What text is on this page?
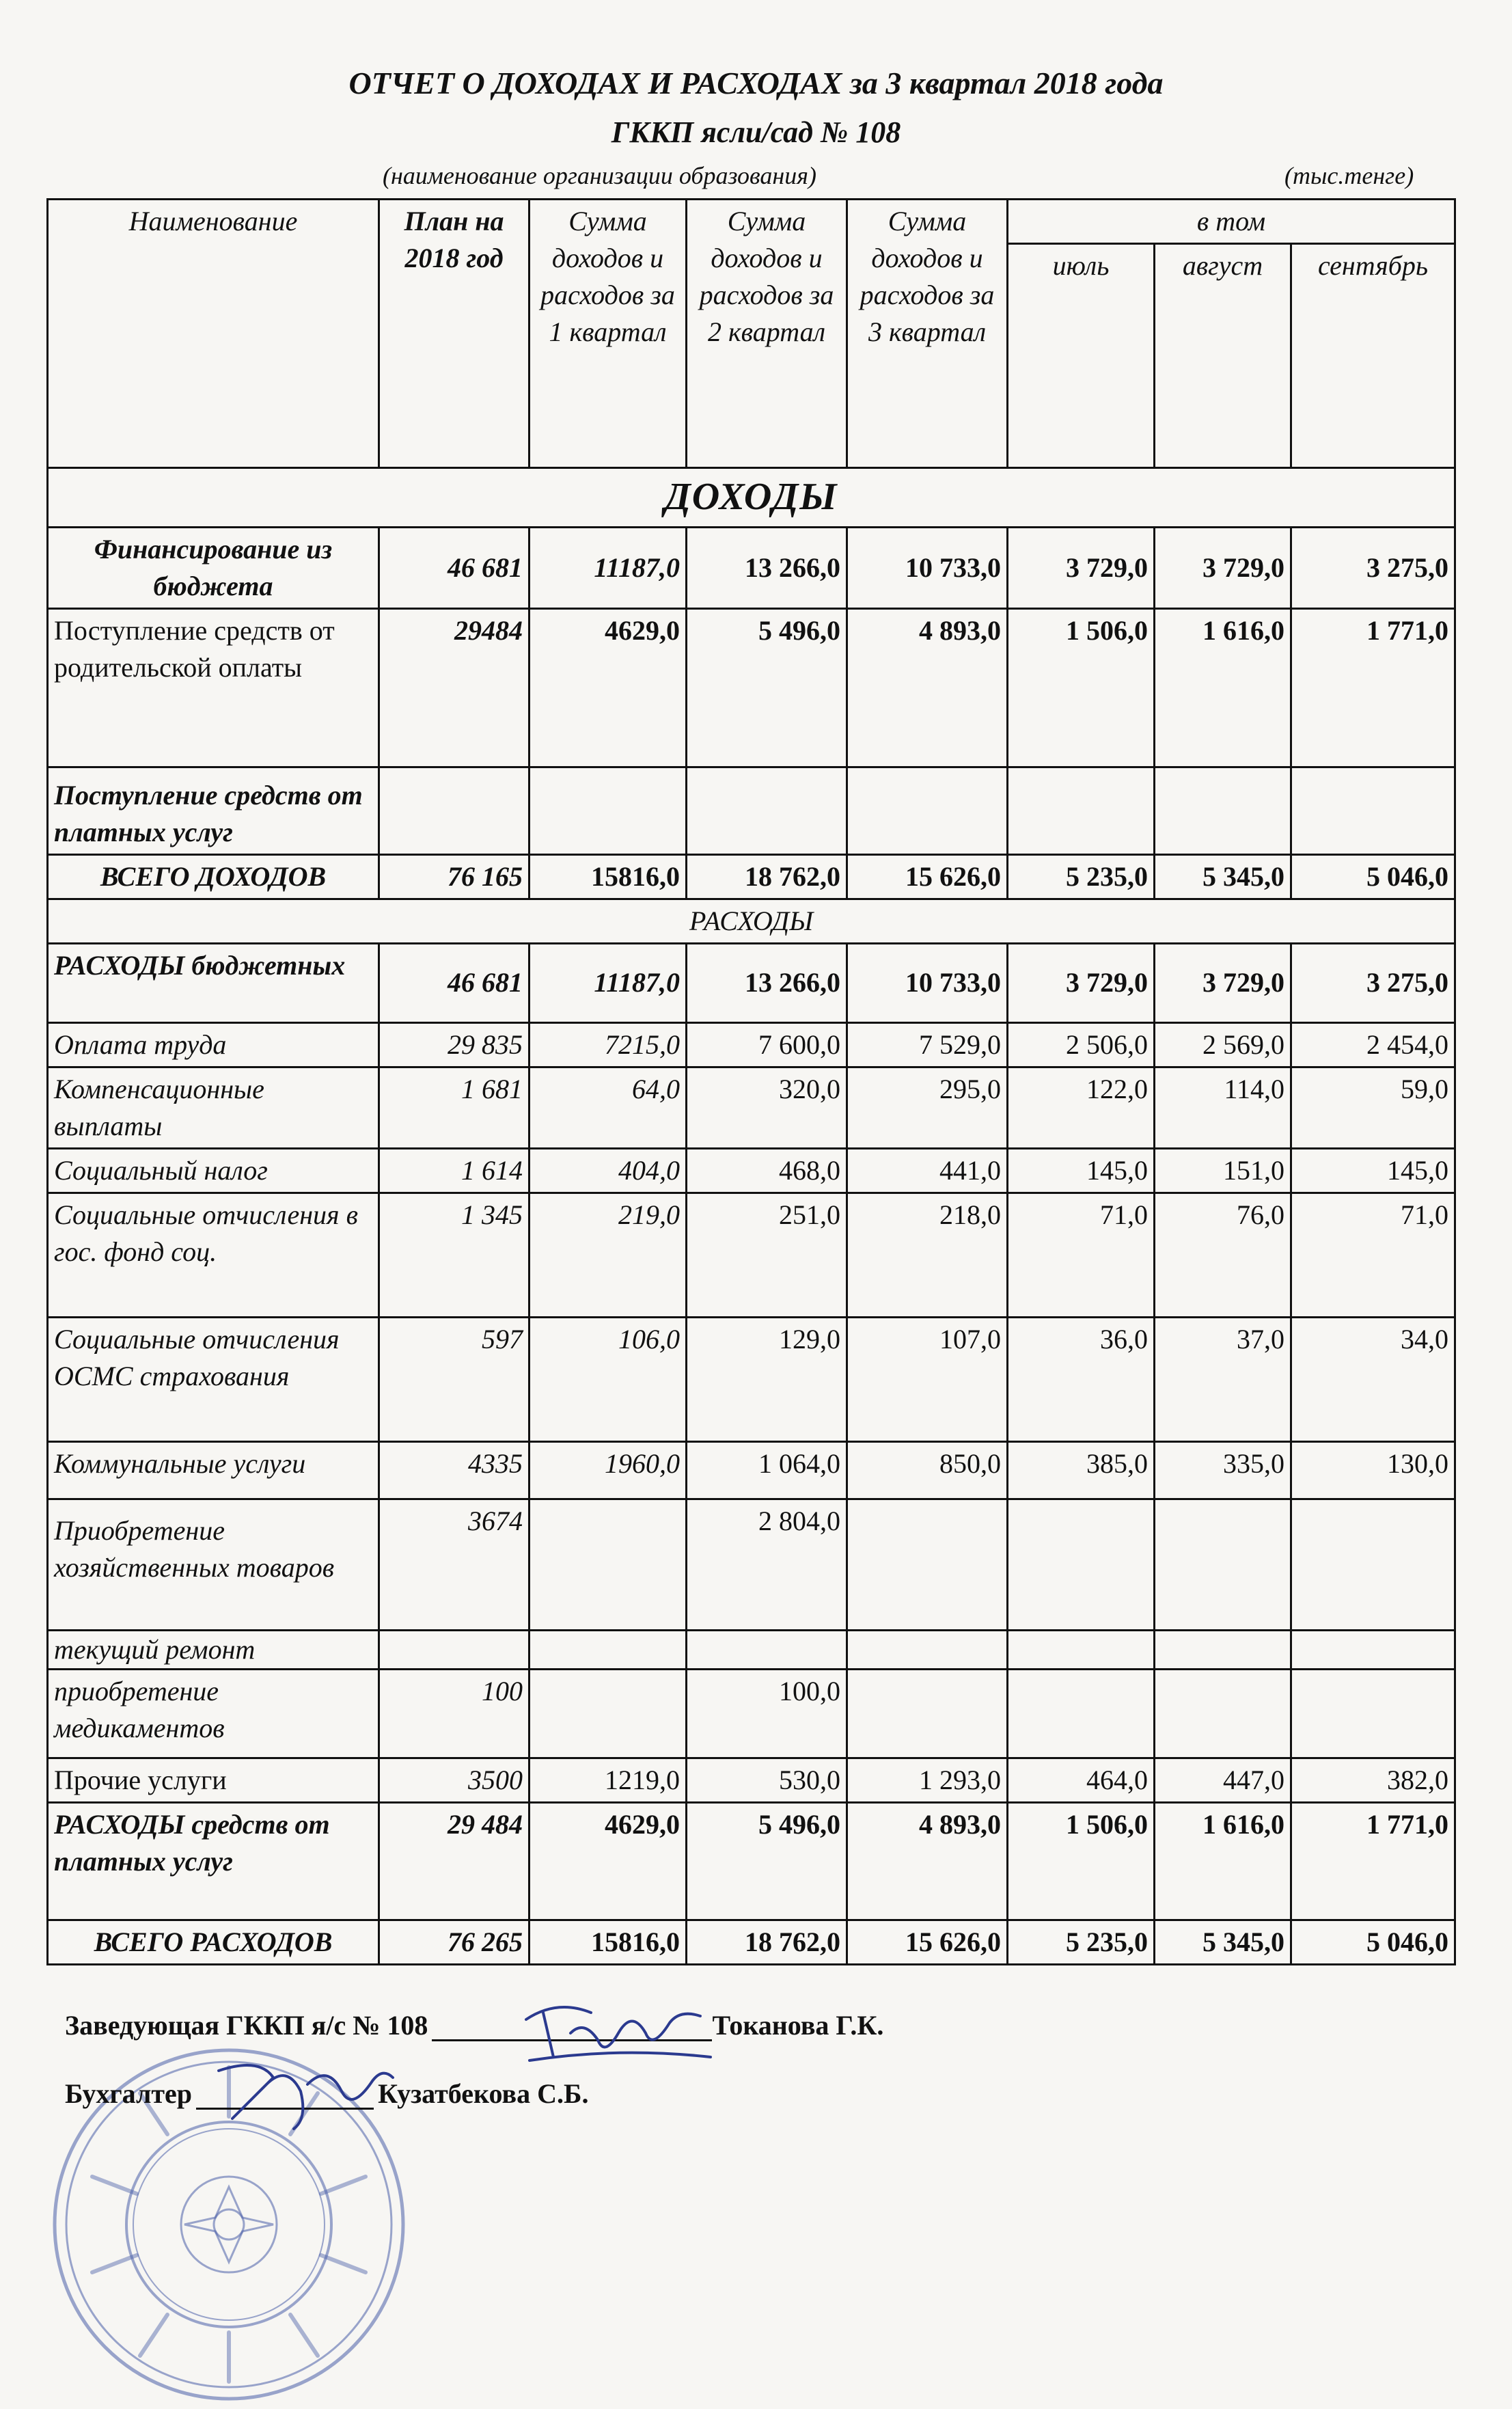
ОТЧЕТ О ДОХОДАХ И РАСХОДАХ за 3 квартал 2018 года
ГККП ясли/сад № 108
(наименование организации образования)	(тыс.тенге)
Наименование	План на 2018 год	Сумма доходов и расходов за 1 квартал	Сумма доходов и расходов за 2 квартал	Сумма доходов и расходов за 3 квартал	в том		
					июль	август	сентябрь
ДОХОДЫ							
Финансирование из бюджета	46 681	11187,0	13 266,0	10 733,0	3 729,0	3 729,0	3 275,0
Поступление средств от родительской оплаты	29484	4629,0	5 496,0	4 893,0	1 506,0	1 616,0	1 771,0
Поступление средств от платных услуг							
ВСЕГО ДОХОДОВ	76 165	15816,0	18 762,0	15 626,0	5 235,0	5 345,0	5 046,0
РАСХОДЫ							
РАСХОДЫ бюджетных	46 681	11187,0	13 266,0	10 733,0	3 729,0	3 729,0	3 275,0
Оплата труда	29 835	7215,0	7 600,0	7 529,0	2 506,0	2 569,0	2 454,0
Компенсационные выплаты	1 681	64,0	320,0	295,0	122,0	114,0	59,0
Социальный налог	1 614	404,0	468,0	441,0	145,0	151,0	145,0
Социальные отчисления в гос. фонд соц.	1 345	219,0	251,0	218,0	71,0	76,0	71,0
Социальные отчисления ОСМС страхования	597	106,0	129,0	107,0	36,0	37,0	34,0
Коммунальные услуги	4335	1960,0	1 064,0	850,0	385,0	335,0	130,0
Приобретение хозяйственных товаров	3674		2 804,0				
текущий ремонт							
приобретение медикаментов	100		100,0				
Прочие услуги	3500	1219,0	530,0	1 293,0	464,0	447,0	382,0
РАСХОДЫ средств от платных услуг	29 484	4629,0	5 496,0	4 893,0	1 506,0	1 616,0	1 771,0
ВСЕГО РАСХОДОВ	76 265	15816,0	18 762,0	15 626,0	5 235,0	5 345,0	5 046,0
Заведующая ГККП я/с № 108	Токанова Г.К.
Бухгалтер	Кузатбекова С.Б.
